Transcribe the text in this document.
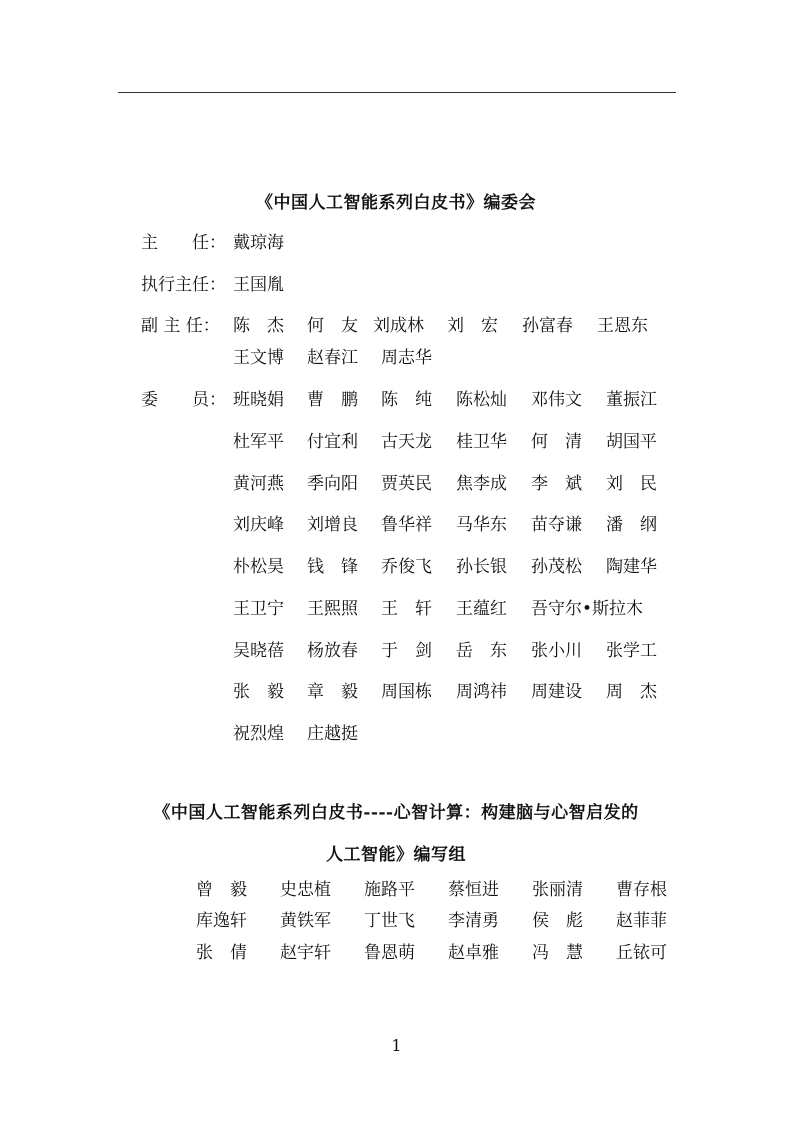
《中国人工智能系列白皮书》编委会
主　　任： 戴琼海
执行主任： 王国胤
副 主 任： 陈　杰 何　友 刘成林 刘　宏 孙富春 王恩东
王文博 赵春江 周志华
委　　员： 班晓娟 曹　鹏 陈　纯 陈松灿 邓伟文 董振江
杜军平 付宜利 古天龙 桂卫华 何　清 胡国平
黄河燕 季向阳 贾英民 焦李成 李　斌 刘　民
刘庆峰 刘增良 鲁华祥 马华东 苗夺谦 潘　纲
朴松昊 钱　锋 乔俊飞 孙长银 孙茂松 陶建华
王卫宁 王熙照 王　轩 王蕴红 吾守尔•斯拉木
吴晓蓓 杨放春 于　剑 岳　东 张小川 张学工
张　毅 章　毅 周国栋 周鸿祎 周建设 周　杰
祝烈煌 庄越挺
《中国人工智能系列白皮书----心智计算：构建脑与心智启发的
人工智能》编写组
曾　毅 史忠植 施路平 蔡恒进 张丽清 曹存根
库逸轩 黄铁军 丁世飞 李清勇 侯　彪 赵菲菲
张　倩 赵宇轩 鲁恩萌 赵卓雅 冯　慧 丘铱可
1
